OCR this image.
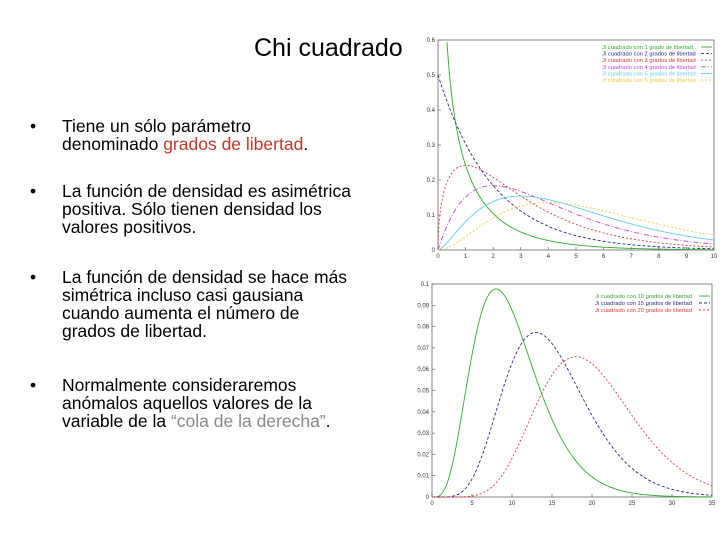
Chi cuadrado
• Tiene un sólo parámetro
denominado grados de libertad.
• La función de densidad es asimétrica positiva. Sólo tienen densidad los valores positivos.
• La función de densidad se hace más simétrica incluso casi gausiana cuando aumenta el número de grados de libertad.
• Normalmente consideraremos anómalos aquellos valores de la variable de la “cola de la derecha”.
0	1	2	3	4	5	6	7	8	9	10
0
0.1
0.2
0.3
0.4
0.5
0.6
Ji cuadrado con 1 grado de libertad
Ji cuadrado con 2 grados de libertad
Ji cuadrado con 3 grados de libertad
Ji cuadrado con 4 grados de libertad
Ji cuadrado con 5 grados de libertad
Ji cuadrado con 6 grados de libertad
0	5	10	15	20	25	30	35
0
0.01
0.02
0.03
0.04
0.05
0.06
0.07
0.08
0.09
0.1
Ji cuadrado con 10 grados de libertad
Ji cuadrado con 15 grados de libertad
Ji cuadrado con 20 grados de libertad
